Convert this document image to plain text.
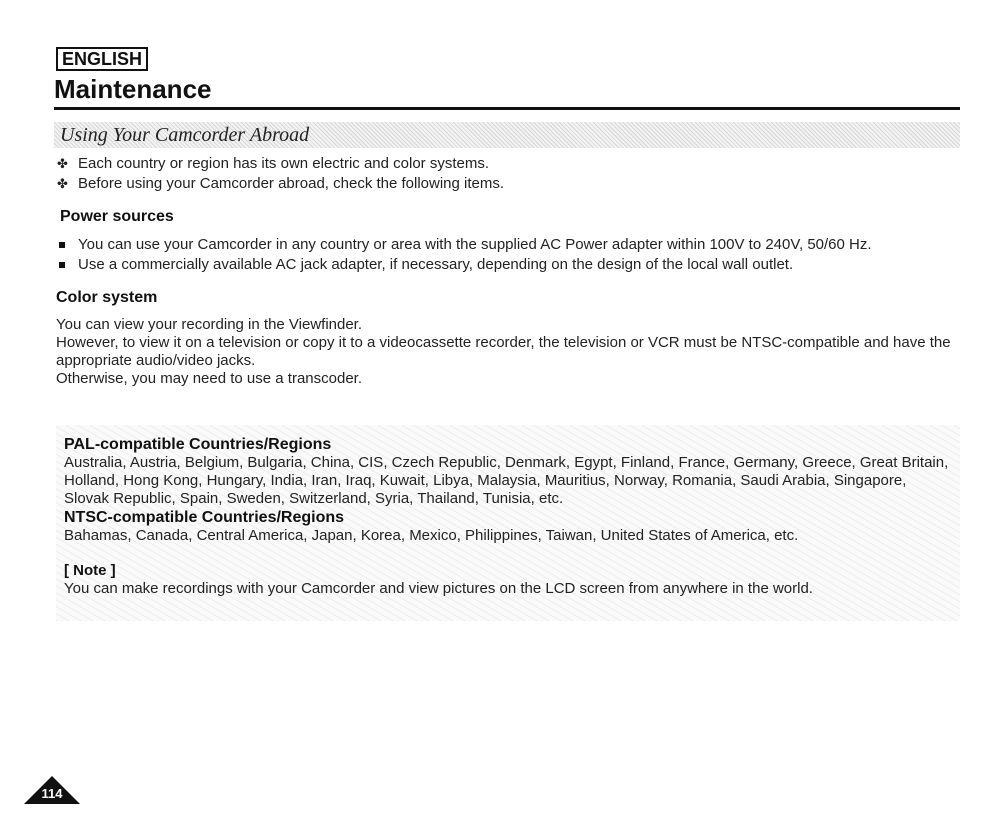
ENGLISH
Maintenance
Using Your Camcorder Abroad
✤ Each country or region has its own electric and color systems.
✤ Before using your Camcorder abroad, check the following items.
Power sources
You can use your Camcorder in any country or area with the supplied AC Power adapter within 100V to 240V, 50/60 Hz.
Use a commercially available AC jack adapter, if necessary, depending on the design of the local wall outlet.
Color system

You can view your recording in the Viewfinder.

However, to view it on a television or copy it to a videocassette recorder, the television or VCR must be NTSC-compatible and have the appropriate audio/video jacks.

Otherwise, you may need to use a transcoder.

PAL-compatible Countries/Regions
Australia, Austria, Belgium, Bulgaria, China, CIS, Czech Republic, Denmark, Egypt, Finland, France, Germany, Greece, Great Britain, Holland, Hong Kong, Hungary, India, Iran, Iraq, Kuwait, Libya, Malaysia, Mauritius, Norway, Romania, Saudi Arabia, Singapore, Slovak Republic, Spain, Sweden, Switzerland, Syria, Thailand, Tunisia, etc.
NTSC-compatible Countries/Regions
Bahamas, Canada, Central America, Japan, Korea, Mexico, Philippines, Taiwan, United States of America, etc.
[ Note ]
You can make recordings with your Camcorder and view pictures on the LCD screen from anywhere in the world.
114
